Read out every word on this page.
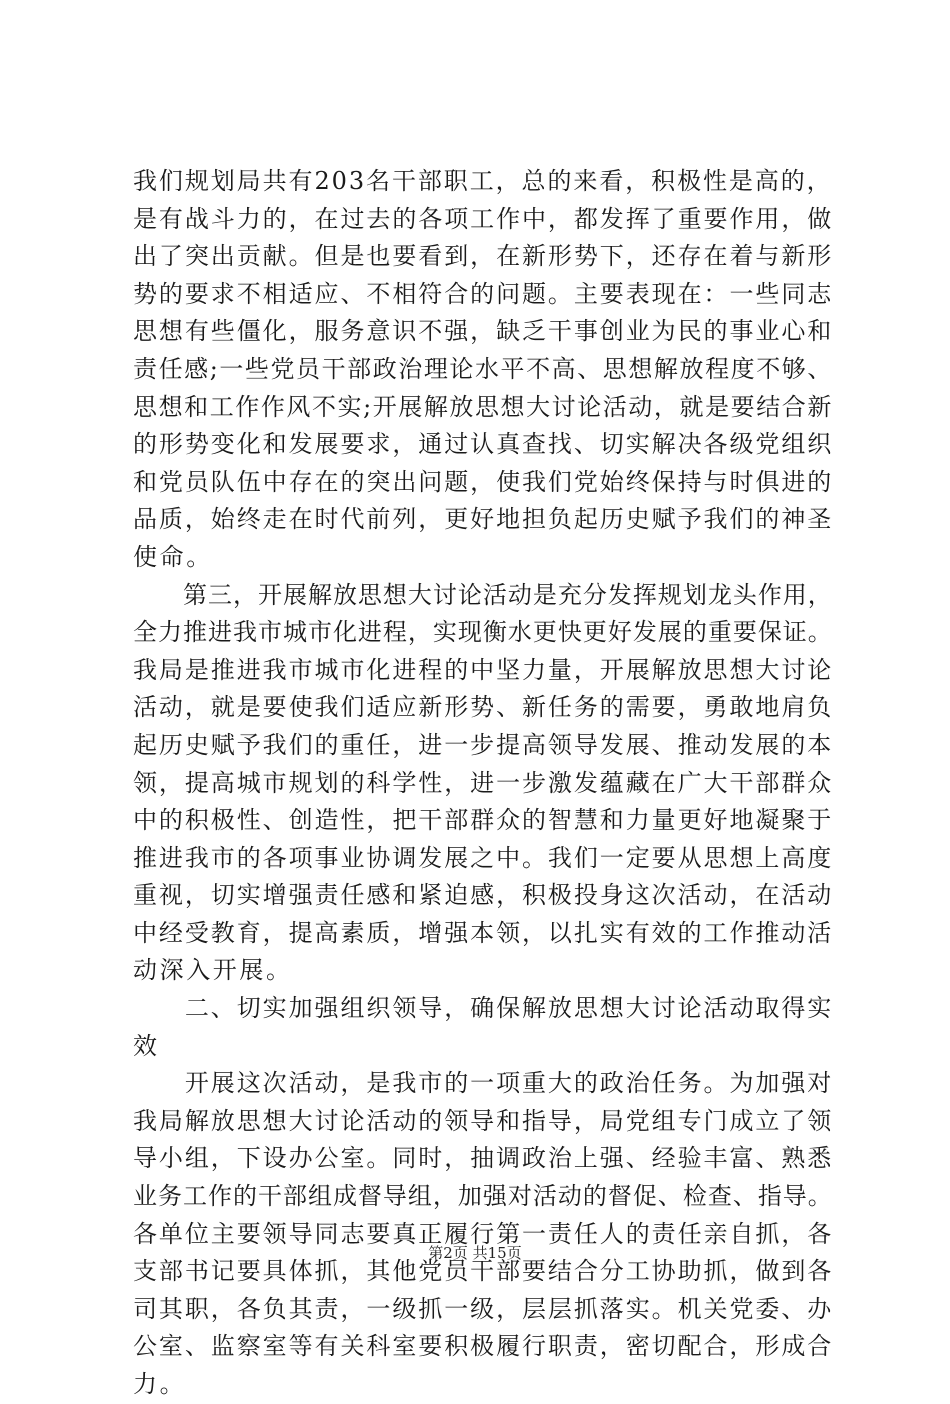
我们规划局共有203名干部职工，总的来看，积极性是高的，
是有战斗力的，在过去的各项工作中，都发挥了重要作用，做
出了突出贡献。但是也要看到，在新形势下，还存在着与新形
势的要求不相适应、不相符合的问题。主要表现在：一些同志
思想有些僵化，服务意识不强，缺乏干事创业为民的事业心和
责任感;一些党员干部政治理论水平不高、思想解放程度不够、
思想和工作作风不实;开展解放思想大讨论活动，就是要结合新
的形势变化和发展要求，通过认真查找、切实解决各级党组织
和党员队伍中存在的突出问题，使我们党始终保持与时俱进的
品质，始终走在时代前列，更好地担负起历史赋予我们的神圣
使命。
　　第三，开展解放思想大讨论活动是充分发挥规划龙头作用，
全力推进我市城市化进程，实现衡水更快更好发展的重要保证。
我局是推进我市城市化进程的中坚力量，开展解放思想大讨论
活动，就是要使我们适应新形势、新任务的需要，勇敢地肩负
起历史赋予我们的重任，进一步提高领导发展、推动发展的本
领，提高城市规划的科学性，进一步激发蕴藏在广大干部群众
中的积极性、创造性，把干部群众的智慧和力量更好地凝聚于
推进我市的各项事业协调发展之中。我们一定要从思想上高度
重视，切实增强责任感和紧迫感，积极投身这次活动，在活动
中经受教育，提高素质，增强本领，以扎实有效的工作推动活
动深入开展。
　　二、切实加强组织领导，确保解放思想大讨论活动取得实
效
　　开展这次活动，是我市的一项重大的政治任务。为加强对
我局解放思想大讨论活动的领导和指导，局党组专门成立了领
导小组，下设办公室。同时，抽调政治上强、经验丰富、熟悉
业务工作的干部组成督导组，加强对活动的督促、检查、指导。
各单位主要领导同志要真正履行第一责任人的责任亲自抓，各
支部书记要具体抓，其他党员干部要结合分工协助抓，做到各
司其职，各负其责，一级抓一级，层层抓落实。机关党委、办
公室、监察室等有关科室要积极履行职责，密切配合，形成合
力。
第2页 共15页
